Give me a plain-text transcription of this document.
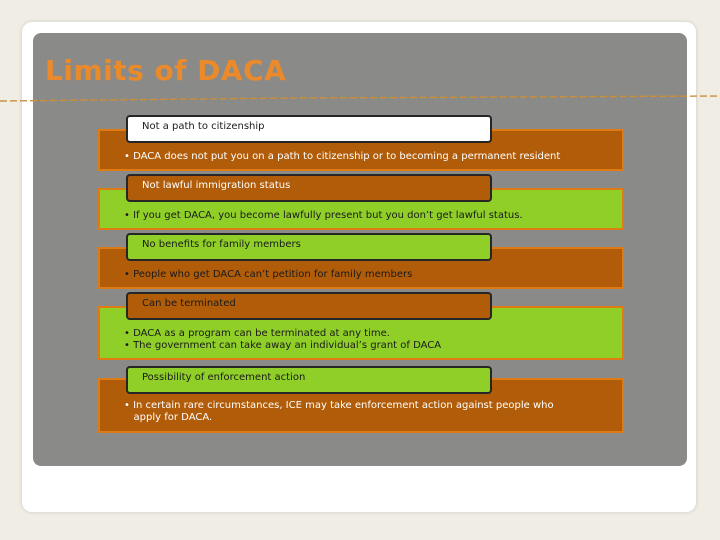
Limits of DACA
• DACA does not put you on a path to citizenship or to becoming a permanent resident
Not a path to citizenship
• If you get DACA, you become lawfully present but you don’t get lawful status.
Not lawful immigration status
• People who get DACA can’t petition for family members
No benefits for family members
• DACA as a program can be terminated at any time.
• The government can take away an individual’s grant of DACA
Can be terminated
• In certain rare circumstances, ICE may take enforcement action against people who
apply for DACA.
Possibility of enforcement action
